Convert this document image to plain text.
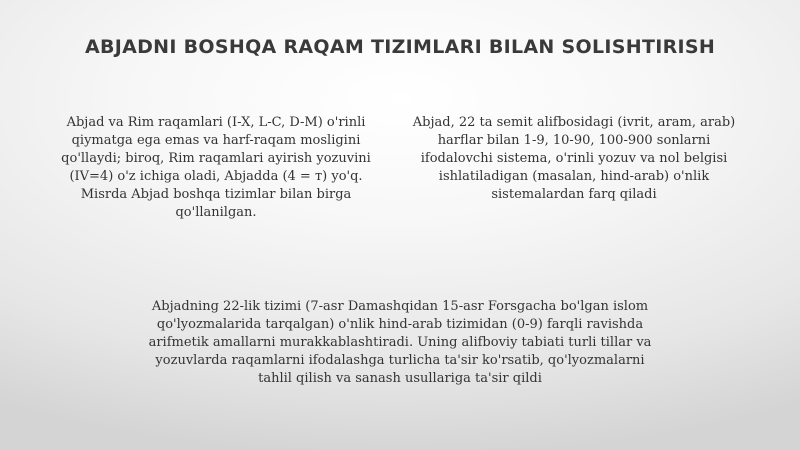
ABJADNI BOSHQA RAQAM TIZIMLARI BILAN SOLISHTIRISH

Abjad va Rim raqamlari (I-X, L-C, D-M) o'rinli qiymatga ega emas va harf-raqam mosligini qo'llaydi; biroq, Rim raqamlari ayirish yozuvini (IV=4) o'z ichiga oladi, Abjadda (4 = т) yo'q. Misrda Abjad boshqa tizimlar bilan birga qo'llanilgan.

Abjad, 22 ta semit alifbosidagi (ivrit, aram, arab) harflar bilan 1-9, 10-90, 100-900 sonlarni ifodalovchi sistema, o'rinli yozuv va nol belgisi ishlatiladigan (masalan, hind-arab) o'nlik sistemalardan farq qiladi

Abjadning 22-lik tizimi (7-asr Damashqidan 15-asr Forsgacha bo'lgan islom qo'lyozmalarida tarqalgan) o'nlik hind-arab tizimidan (0-9) farqli ravishda arifmetik amallarni murakkablashtiradi. Uning alifboviy tabiati turli tillar va yozuvlarda raqamlarni ifodalashga turlicha ta'sir ko'rsatib, qo'lyozmalarni tahlil qilish va sanash usullariga ta'sir qildi
